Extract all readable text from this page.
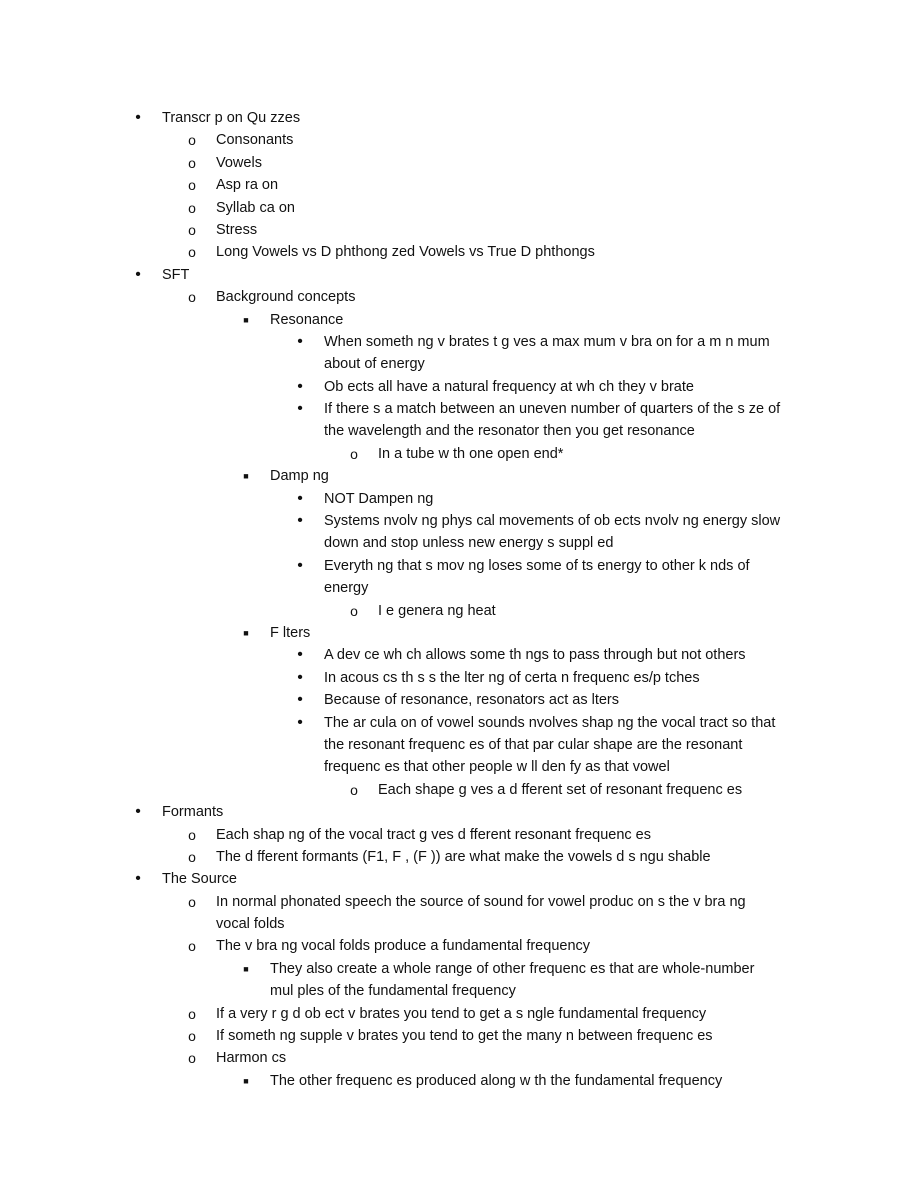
• Transcr p on Qu zzes
o Consonants
o Vowels
o Asp ra on
o Syllab ca on
o Stress
o Long Vowels vs D phthong zed Vowels vs True D phthongs
• SFT
o Background concepts
■ Resonance
• When someth ng v brates t g ves a max mum v bra on for a m n mum
about of energy
• Ob ects all have a natural frequency at wh ch they v brate
• If there s a match between an uneven number of quarters of the s ze of
the wavelength and the resonator then you get resonance
o In a tube w th one open end*
■ Damp ng
• NOT Dampen ng
• Systems nvolv ng phys cal movements of ob ects nvolv ng energy slow
down and stop unless new energy s suppl ed
• Everyth ng that s mov ng loses some of ts energy to other k nds of
energy
o I e genera ng heat
■ F lters
• A dev ce wh ch allows some th ngs to pass through but not others
• In acous cs th s s the lter ng of certa n frequenc es/p tches
• Because of resonance, resonators act as lters
• The ar cula on of vowel sounds nvolves shap ng the vocal tract so that
the resonant frequenc es of that par cular shape are the resonant
frequenc es that other people w ll den fy as that vowel
o Each shape g ves a d fferent set of resonant frequenc es
• Formants
o Each shap ng of the vocal tract g ves d fferent resonant frequenc es
o The d fferent formants (F1, F , (F )) are what make the vowels d s ngu shable
• The Source
o In normal phonated speech the source of sound for vowel produc on s the v bra ng
vocal folds
o The v bra ng vocal folds produce a fundamental frequency
■ They also create a whole range of other frequenc es that are whole-number
mul ples of the fundamental frequency
o If a very r g d ob ect v brates you tend to get a s ngle fundamental frequency
o If someth ng supple v brates you tend to get the many n between frequenc es
o Harmon cs
■ The other frequenc es produced along w th the fundamental frequency
